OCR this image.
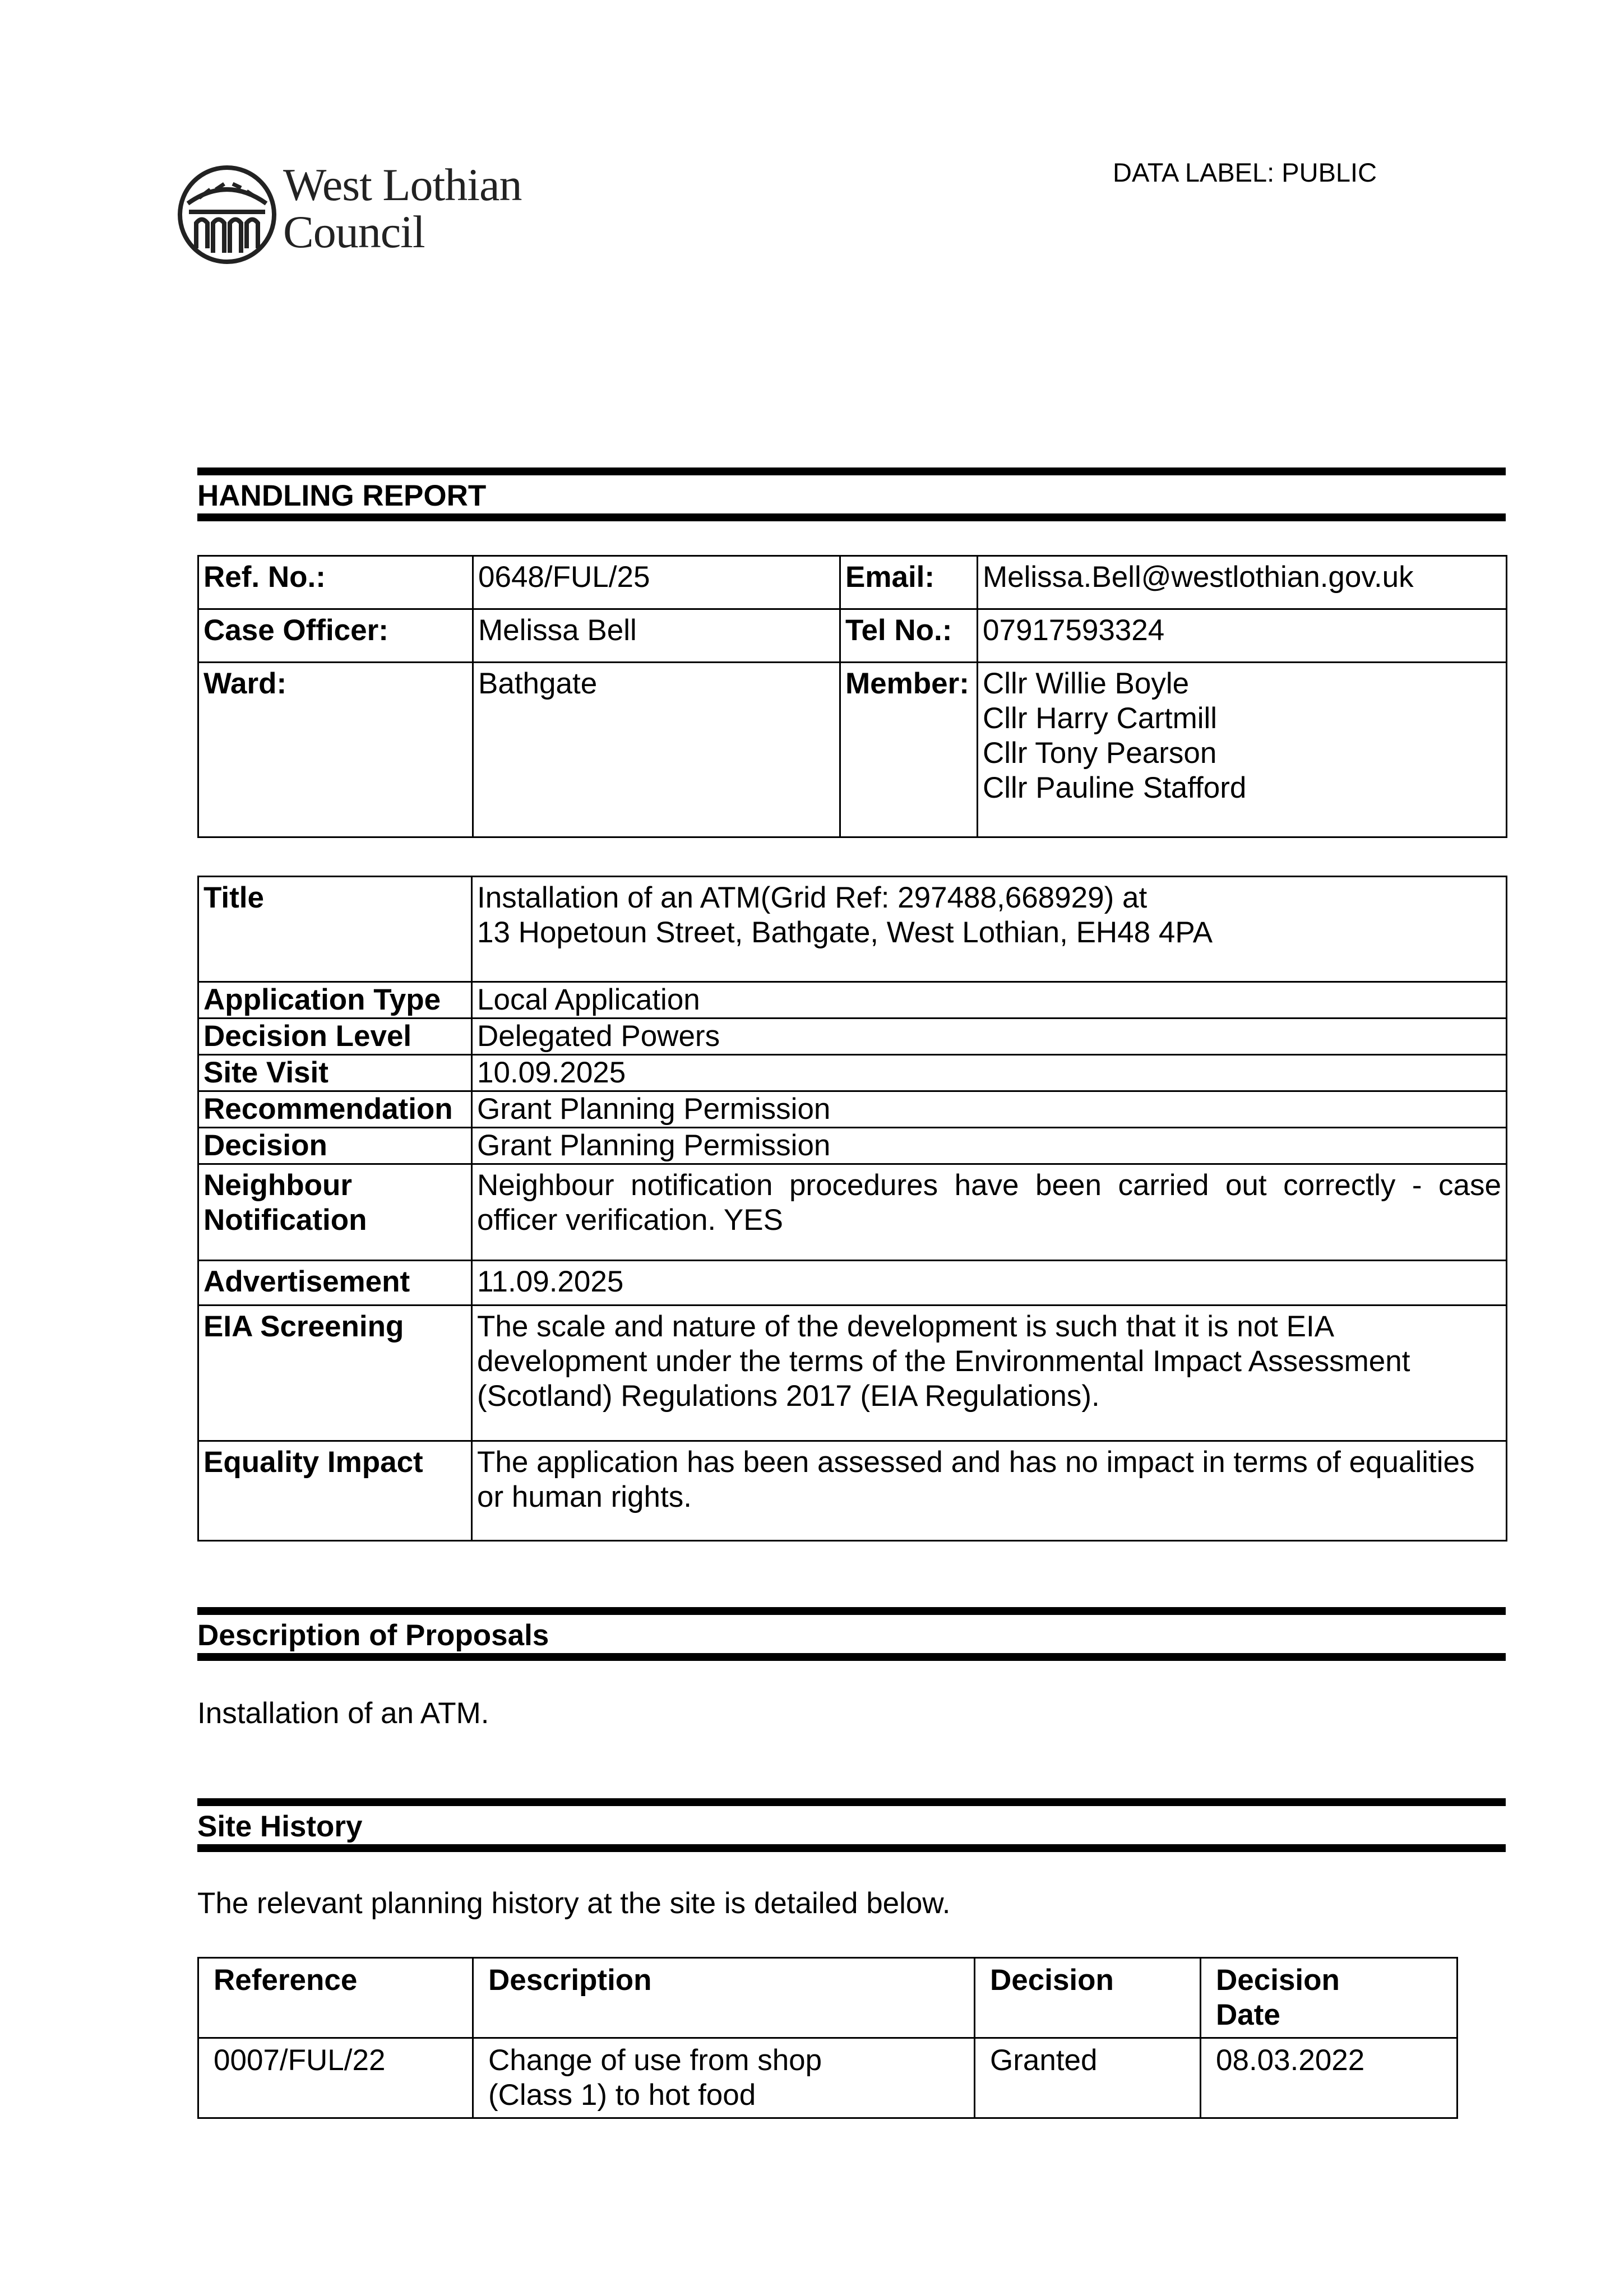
West Lothian
Council
DATA LABEL: PUBLIC
HANDLING REPORT
Ref. No.:	0648/FUL/25	Email:	Melissa.Bell@westlothian.gov.uk
Case Officer:	Melissa Bell	Tel No.:	07917593324
Ward:	Bathgate	Member:	Cllr Willie Boyle
Cllr Harry Cartmill
Cllr Tony Pearson
Cllr Pauline Stafford
Title	Installation of an ATM(Grid Ref: 297488,668929) at
13 Hopetoun Street, Bathgate, West Lothian, EH48 4PA

Application Type	Local Application
Decision Level	Delegated Powers
Site Visit	10.09.2025
Recommendation	Grant Planning Permission
Decision	Grant Planning Permission

Neighbour
Notification	Neighbour notification procedures have been carried out correctly - case officer verification. YES
Advertisement	11.09.2025
EIA Screening	The scale and nature of the development is such that it is not EIA development under the terms of the Environmental Impact Assessment (Scotland) Regulations 2017 (EIA Regulations).
Equality Impact	The application has been assessed and has no impact in terms of equalities or human rights.
Description of Proposals
Installation of an ATM.
Site History
The relevant planning history at the site is detailed below.
Reference	Description	Decision	Decision
Date

0007/FUL/22	Change of use from shop
(Class 1) to hot food	Granted	08.03.2022
